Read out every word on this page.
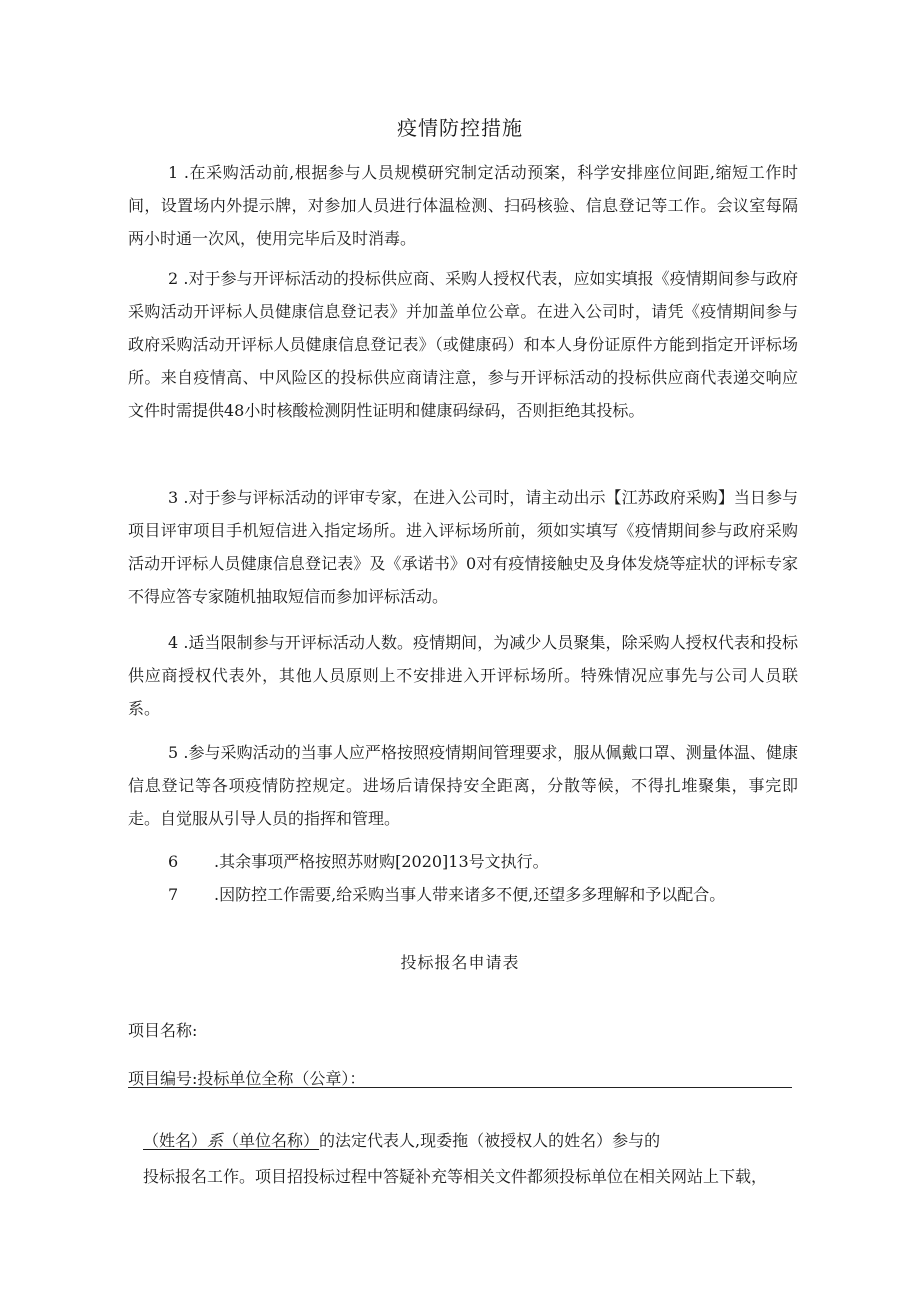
疫情防控措施
1 .在采购活动前,根据参与人员规模研究制定活动预案，科学安排座位间距,缩短工作时间，设置场内外提示牌，对参加人员进行体温检测、扫码核验、信息登记等工作。会议室每隔两小时通一次风，使用完毕后及时消毒。
2 .对于参与开评标活动的投标供应商、采购人授权代表，应如实填报《疫情期间参与政府采购活动开评标人员健康信息登记表》并加盖单位公章。在进入公司时，请凭《疫情期间参与政府采购活动开评标人员健康信息登记表》（或健康码）和本人身份证原件方能到指定开评标场所。来自疫情高、中风险区的投标供应商请注意，参与开评标活动的投标供应商代表递交响应文件时需提供48小时核酸检测阴性证明和健康码绿码，否则拒绝其投标。
3 .对于参与评标活动的评审专家，在进入公司时，请主动出示【江苏政府采购】当日参与项目评审项目手机短信进入指定场所。进入评标场所前，须如实填写《疫情期间参与政府采购活动开评标人员健康信息登记表》及《承诺书》0对有疫情接触史及身体发烧等症状的评标专家不得应答专家随机抽取短信而参加评标活动。
4 .适当限制参与开评标活动人数。疫情期间，为减少人员聚集，除采购人授权代表和投标供应商授权代表外，其他人员原则上不安排进入开评标场所。特殊情况应事先与公司人员联系。
5 .参与采购活动的当事人应严格按照疫情期间管理要求，服从佩戴口罩、测量体温、健康信息登记等各项疫情防控规定。进场后请保持安全距离，分散等候，不得扎堆聚集，事完即走。自觉服从引导人员的指挥和管理。
6 .其余事项严格按照苏财购[2020]13号文执行。
7 .因防控工作需要,给采购当事人带来诸多不便,还望多多理解和予以配合。
投标报名申请表
项目名称:
项目编号:投标单位全称（公章）：
（姓名）系（单位名称）的法定代表人,现委拖（被授权人的姓名）参与的
投标报名工作。项目招投标过程中答疑补充等相关文件都须投标单位在相关网站上下载，
